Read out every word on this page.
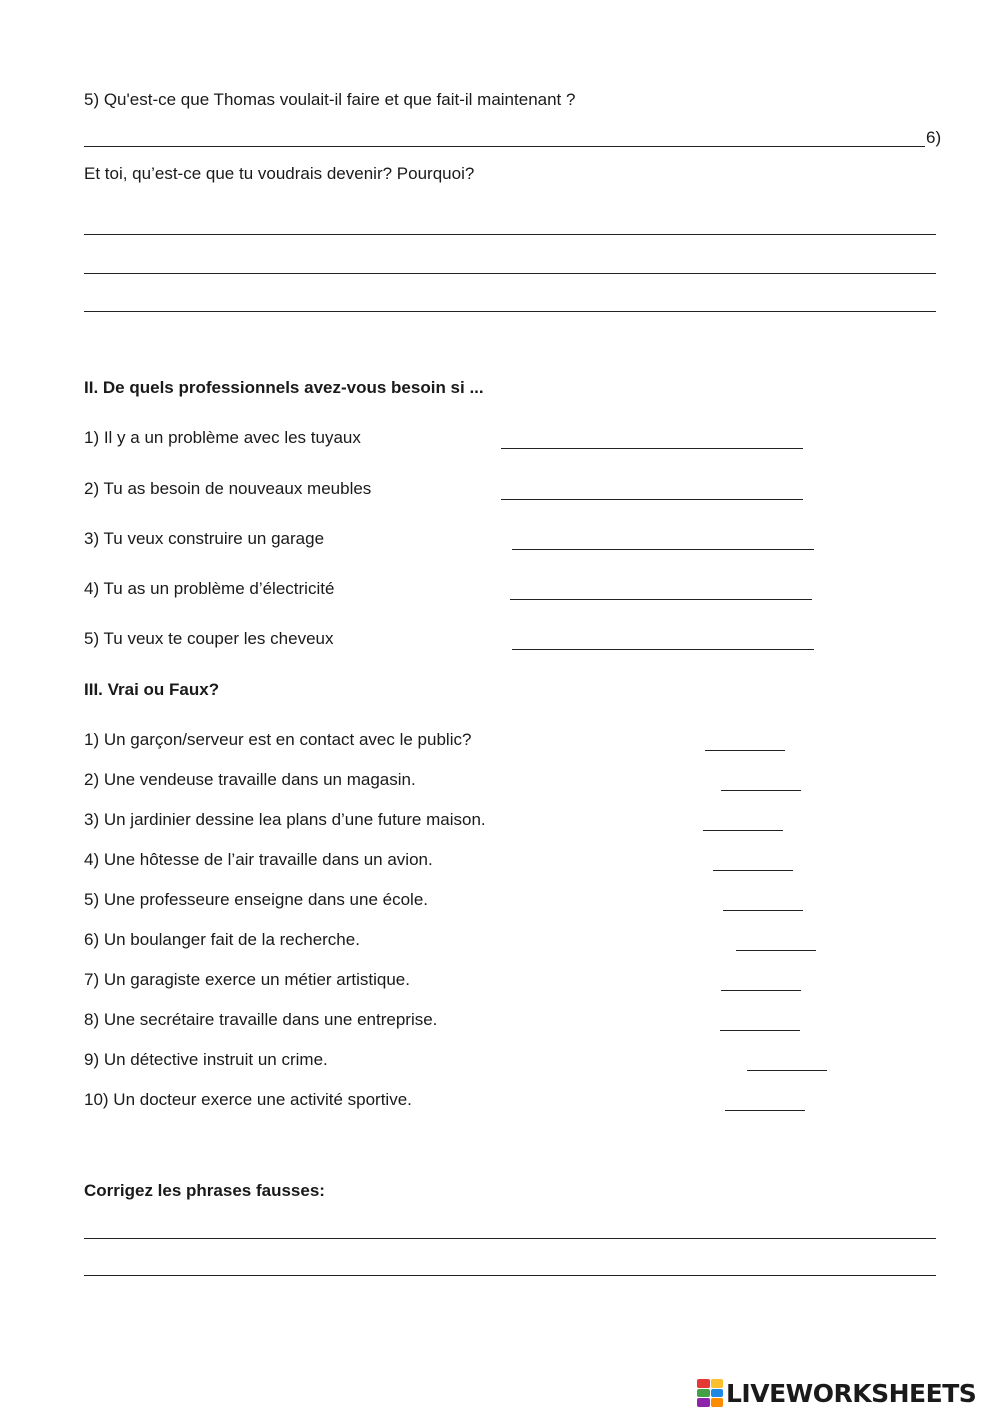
5) Qu'est-ce que Thomas voulait-il faire et que fait-il maintenant ?
6)
Et toi, qu’est-ce que tu voudrais devenir? Pourquoi?
II. De quels professionnels avez-vous besoin si ...
1) Il y a un problème avec les tuyaux
2) Tu as besoin de nouveaux meubles
3) Tu veux construire un garage
4) Tu as un problème d’électricité
5) Tu veux te couper les cheveux
III. Vrai ou Faux?
1) Un garçon/serveur est en contact avec le public?
2) Une vendeuse travaille dans un magasin.
3) Un jardinier dessine lea plans d’une future maison.
4) Une hôtesse de l’air travaille dans un avion.
5) Une professeure enseigne dans une école.
6) Un boulanger fait de la recherche.
7) Un garagiste exerce un métier artistique.
8) Une secrétaire travaille dans une entreprise.
9) Un détective instruit un crime.
10) Un docteur exerce une activité sportive.
Corrigez les phrases fausses:
LIVEWORKSHEETS
